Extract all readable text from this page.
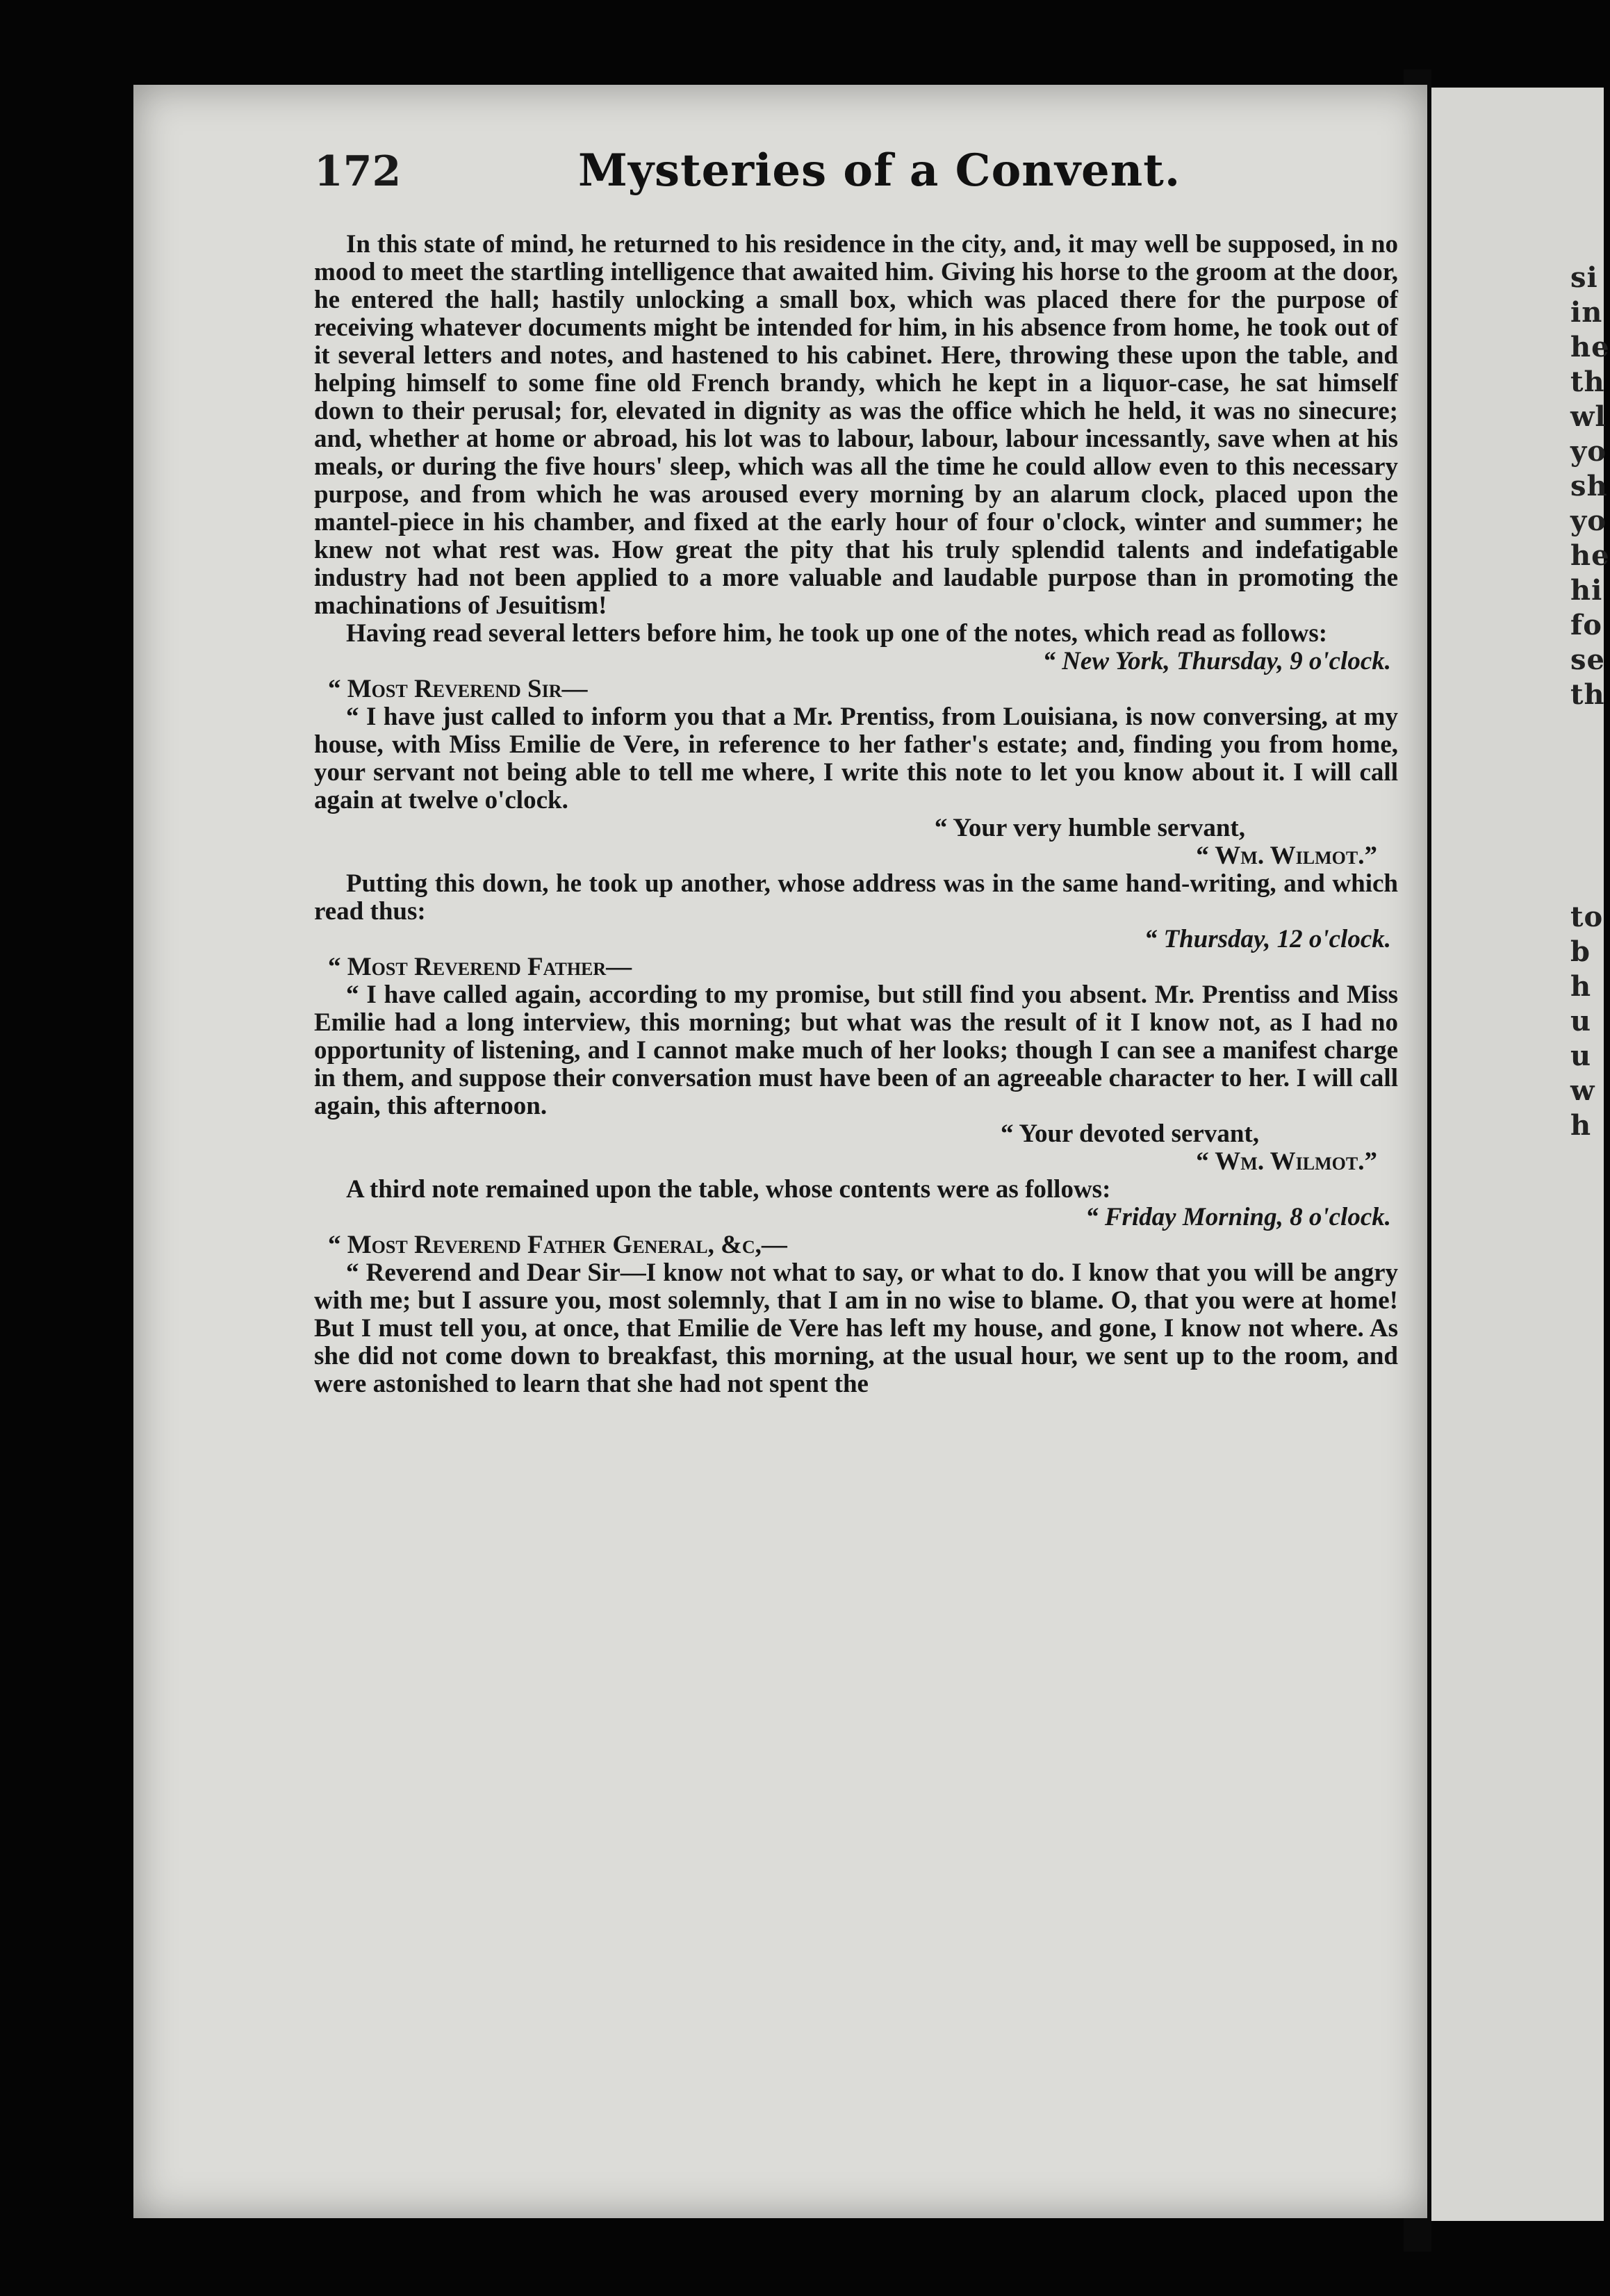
si
in
he
th
wl
yo
sh
yo
he
hi
fo
se
th
to
b
h
u
u
w
h
172	Mysteries of a Convent.

In this state of mind, he returned to his residence in the city, and, it may well be supposed, in no mood to meet the startling intelligence that awaited him. Giving his horse to the groom at the door, he entered the hall; hastily unlocking a small box, which was placed there for the purpose of receiving whatever documents might be intended for him, in his absence from home, he took out of it several letters and notes, and hastened to his cabinet. Here, throwing these upon the table, and helping himself to some fine old French brandy, which he kept in a liquor-case, he sat himself down to their perusal; for, elevated in dignity as was the office which he held, it was no sinecure; and, whether at home or abroad, his lot was to labour, labour, labour incessantly, save when at his meals, or during the five hours' sleep, which was all the time he could allow even to this necessary purpose, and from which he was aroused every morning by an alarum clock, placed upon the mantel-piece in his chamber, and fixed at the early hour of four o'clock, winter and summer; he knew not what rest was. How great the pity that his truly splendid talents and indefatigable industry had not been applied to a more valuable and laudable purpose than in promoting the machinations of Jesuitism!

Having read several letters before him, he took up one of the notes, which read as follows:

“ New York, Thursday, 9 o'clock.

“ Most Reverend Sir—

“ I have just called to inform you that a Mr. Prentiss, from Louisiana, is now conversing, at my house, with Miss Emilie de Vere, in reference to her father's estate; and, finding you from home, your servant not being able to tell me where, I write this note to let you know about it. I will call again at twelve o'clock.

“ Your very humble servant,

“ Wm. Wilmot.”

Putting this down, he took up another, whose address was in the same hand-writing, and which read thus:

“ Thursday, 12 o'clock.

“ Most Reverend Father—

“ I have called again, according to my promise, but still find you absent. Mr. Prentiss and Miss Emilie had a long interview, this morning; but what was the result of it I know not, as I had no opportunity of listening, and I cannot make much of her looks; though I can see a manifest charge in them, and suppose their conversation must have been of an agreeable character to her. I will call again, this afternoon.

“ Your devoted servant,

“ Wm. Wilmot.”

A third note remained upon the table, whose contents were as follows:

“ Friday Morning, 8 o'clock.

“ Most Reverend Father General, &c,—

“ Reverend and Dear Sir—I know not what to say, or what to do. I know that you will be angry with me; but I assure you, most solemnly, that I am in no wise to blame. O, that you were at home! But I must tell you, at once, that Emilie de Vere has left my house, and gone, I know not where. As she did not come down to breakfast, this morning, at the usual hour, we sent up to the room, and were astonished to learn that she had not spent the
